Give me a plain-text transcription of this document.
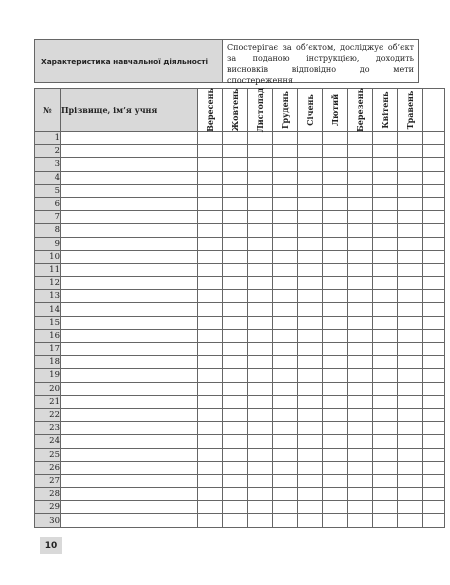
Характеристика навчальної діяльності
Спостерігає за об’єктом, досліджує об’єкт за поданою інструкцією, доходить висновків відповідно до мети спостереження
№	Прізвище, ім’я учня	Вересень	Жовтень	Листопад	Грудень	Січень	Лютий	Березень	Квітень	Травень	

1											
2											
3											
4											
5											
6											
7											
8											
9											
10											
11											
12											
13											
14											
15											
16											
17											
18											
19											
20											
21											
22											
23											
24											
25											
26											
27											
28											
29											
30											
10
